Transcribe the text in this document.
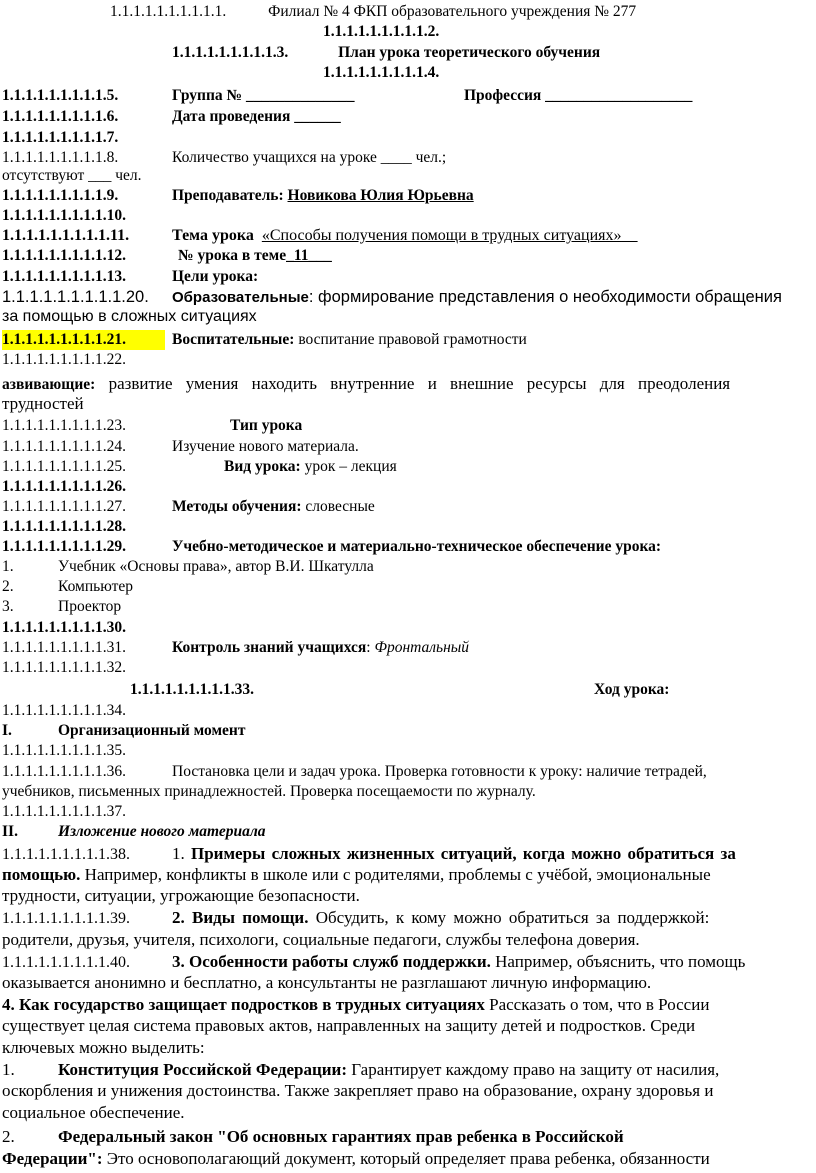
1.1.1.1.1.1.1.1.1.1.	Филиал № 4 ФКП образовательного учреждения № 277
1.1.1.1.1.1.1.1.1.2.
1.1.1.1.1.1.1.1.1.3.	План урока теоретического обучения
1.1.1.1.1.1.1.1.1.4.
1.1.1.1.1.1.1.1.1.5.	Группа № ______________	Профессия ___________________
1.1.1.1.1.1.1.1.1.6.	Дата проведения ______
1.1.1.1.1.1.1.1.1.7.
1.1.1.1.1.1.1.1.1.8.	Количество учащихся на уроке ____ чел.;
отсутствуют ___ чел.
1.1.1.1.1.1.1.1.1.9.	Преподаватель: Новикова Юлия Юрьевна
1.1.1.1.1.1.1.1.1.10.
1.1.1.1.1.1.1.1.1.11.	Тема урока «Способы получения помощи в трудных ситуациях»__
1.1.1.1.1.1.1.1.1.12.	№ урока в теме_11___
1.1.1.1.1.1.1.1.1.13.	Цели урока:
1.1.1.1.1.1.1.1.1.20. Образовательные: формирование представления о необходимости обращения
за помощью в сложных ситуациях
1.1.1.1.1.1.1.1.1.21.	Воспитательные: воспитание правовой грамотности
1.1.1.1.1.1.1.1.1.22.
азвивающие: развитие умения находить внутренние и внешние ресурсы для преодоления
трудностей
1.1.1.1.1.1.1.1.1.23.	Тип урока
1.1.1.1.1.1.1.1.1.24.	Изучение нового материала.
1.1.1.1.1.1.1.1.1.25.	Вид урока: урок – лекция
1.1.1.1.1.1.1.1.1.26.
1.1.1.1.1.1.1.1.1.27.	Методы обучения: словесные
1.1.1.1.1.1.1.1.1.28.
1.1.1.1.1.1.1.1.1.29.	Учебно-методическое и материально-техническое обеспечение урока:
1.	Учебник «Основы права», автор В.И. Шкатулла
2.	Компьютер
3.	Проектор
1.1.1.1.1.1.1.1.1.30.
1.1.1.1.1.1.1.1.1.31.	Контроль знаний учащихся: Фронтальный
1.1.1.1.1.1.1.1.1.32.
1.1.1.1.1.1.1.1.1.33.	Ход урока:
1.1.1.1.1.1.1.1.1.34.
I.	Организационный момент
1.1.1.1.1.1.1.1.1.35.
1.1.1.1.1.1.1.1.1.36.	Постановка цели и задач урока. Проверка готовности к уроку: наличие тетрадей,
учебников, письменных принадлежностей. Проверка посещаемости по журналу.
1.1.1.1.1.1.1.1.1.37.
II.	Изложение нового материала
1.1.1.1.1.1.1.1.1.38. 1. Примеры сложных жизненных ситуаций, когда можно обратиться за
помощью. Например, конфликты в школе или с родителями, проблемы с учёбой, эмоциональные
трудности, ситуации, угрожающие безопасности.
1.1.1.1.1.1.1.1.1.39. 2. Виды помощи. Обсудить, к кому можно обратиться за поддержкой:
родители, друзья, учителя, психологи, социальные педагоги, службы телефона доверия.
1.1.1.1.1.1.1.1.1.40. 3. Особенности работы служб поддержки. Например, объяснить, что помощь
оказывается анонимно и бесплатно, а консультанты не разглашают личную информацию.
4. Как государство защищает подростков в трудных ситуациях Рассказать о том, что в России
существует целая система правовых актов, направленных на защиту детей и подростков. Среди
ключевых можно выделить:
1.	Конституция Российской Федерации: Гарантирует каждому право на защиту от насилия,
оскорбления и унижения достоинства. Также закрепляет право на образование, охрану здоровья и
социальное обеспечение.
2.	Федеральный закон "Об основных гарантиях прав ребенка в Российской
Федерации": Это основополагающий документ, который определяет права ребенка, обязанности
